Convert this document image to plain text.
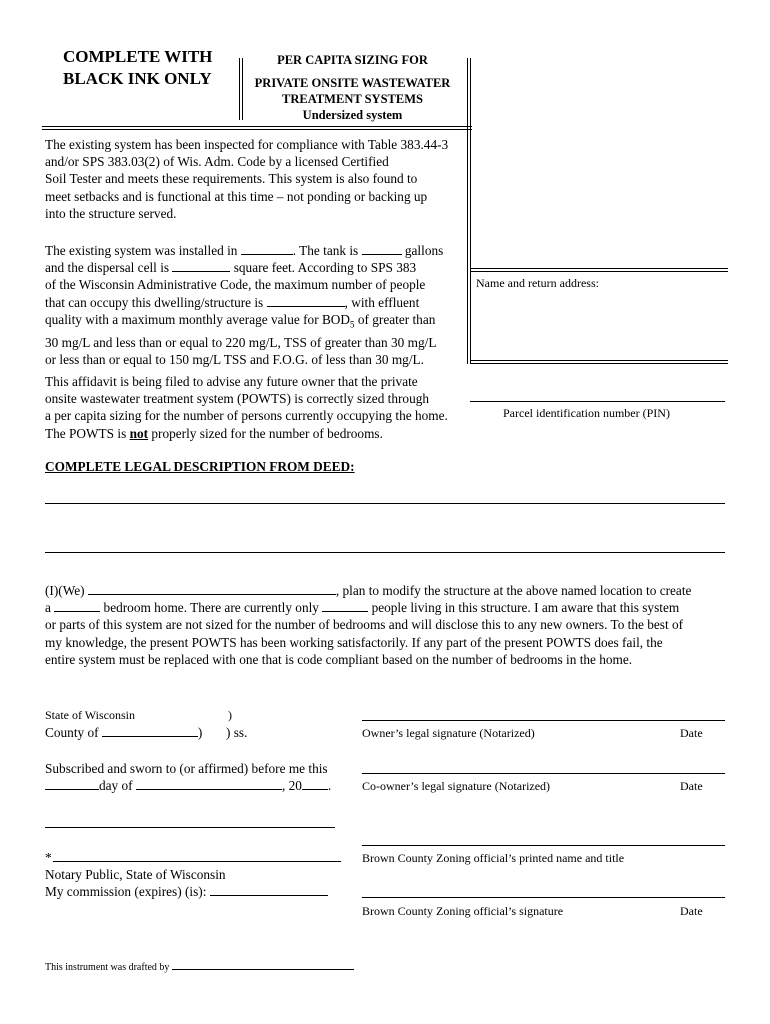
COMPLETE WITH
BLACK INK ONLY
PER CAPITA SIZING FOR
PRIVATE ONSITE WASTEWATER
TREATMENT SYSTEMS
Undersized system
Name and return address:
Parcel identification number (PIN)
The existing system has been inspected for compliance with Table 383.44-3
and/or SPS 383.03(2) of Wis. Adm. Code by a licensed Certified
Soil Tester and meets these requirements. This system is also found to
meet setbacks and is functional at this time – not ponding or backing up
into the structure served.
The existing system was installed in	. The tank is	gallons
and the dispersal cell is	square feet. According to SPS 383
of the Wisconsin Administrative Code, the maximum number of people
that can occupy this dwelling/structure is	, with effluent
quality with a maximum monthly average value for $BOD_5$ of greater than
30 mg/L and less than or equal to 220 mg/L, TSS of greater than 30 mg/L
or less than or equal to 150 mg/L TSS and F.O.G. of less than 30 mg/L.
This affidavit is being filed to advise any future owner that the private
onsite wastewater treatment system (POWTS) is correctly sized through
a per capita sizing for the number of persons currently occupying the home.
The POWTS is not properly sized for the number of bedrooms.
COMPLETE LEGAL DESCRIPTION FROM DEED:
(I)(We)	, plan to modify the structure at the above named location to create
a	bedroom home. There are currently only	people living in this structure. I am aware that this system
or parts of this system are not sized for the number of bedrooms and will disclose this to any new owners. To the best of
my knowledge, the present POWTS has been working satisfactorily. If any part of the present POWTS does fail, the
entire system must be replaced with one that is code compliant based on the number of bedrooms in the home.
State of Wisconsin	)
County of	) ) ss.
Subscribed and sworn to (or affirmed) before me this
day of	, 20 .
*
Notary Public, State of Wisconsin
My commission (expires) (is):
Owner’s legal signature (Notarized)	Date
Co-owner’s legal signature (Notarized)	Date
Brown County Zoning official’s printed name and title
Brown County Zoning official’s signature	Date
This instrument was drafted by
